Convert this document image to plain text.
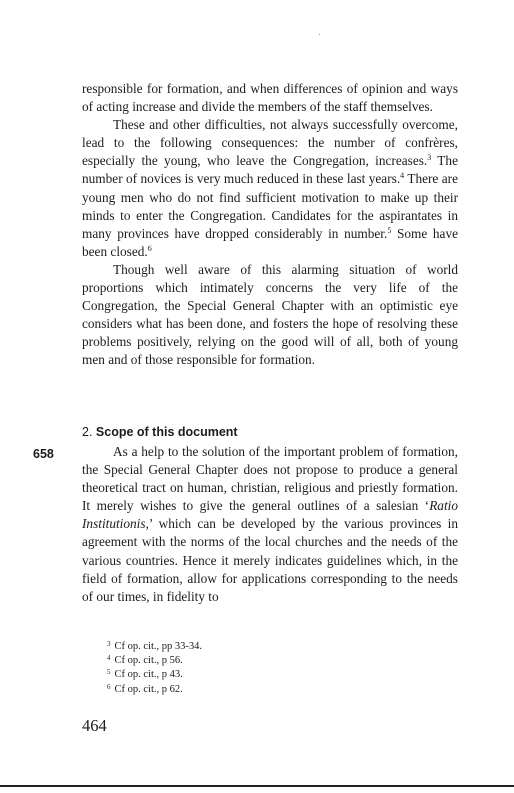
responsible for formation, and when differences of opinion and ways of acting increase and divide the members of the staff themselves.

These and other difficulties, not always successfully overcome, lead to the following consequences: the number of confrères, especially the young, who leave the Congregation, increases.$^3$ The number of novices is very much reduced in these last years.$^4$ There are young men who do not find sufficient motivation to make up their minds to enter the Congregation. Candidates for the aspirantates in many provinces have dropped considerably in number.$^5$ Some have been closed.$^6$

Though well aware of this alarming situation of world proportions which intimately concerns the very life of the Congregation, the Special General Chapter with an optimistic eye considers what has been done, and fosters the hope of resolving these problems positively, relying on the good will of all, both of young men and of those responsible for formation.

2. Scope of this document
658	As a help to the solution of the important problem of formation, the Special General Chapter does not propose to produce a general theoretical tract on human, christian, religious and priestly formation. It merely wishes to give the general outlines of a salesian ‘Ratio Institutionis,’ which can be developed by the various provinces in agreement with the norms of the local churches and the needs of the various countries. Hence it merely indicates guidelines which, in the field of formation, allow for applications corresponding to the needs of our times, in fidelity to

$^3$ Cf op. cit., pp 33-34.
$^4$ Cf op. cit., p 56.
$^5$ Cf op. cit., p 43.
$^6$ Cf op. cit., p 62.
464
